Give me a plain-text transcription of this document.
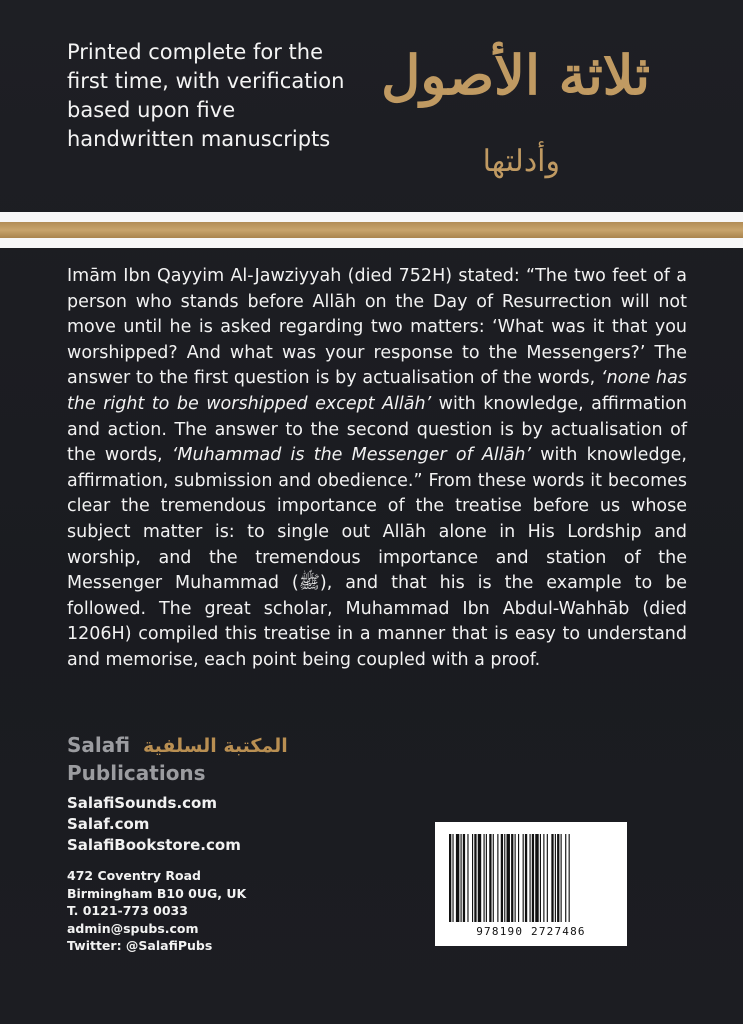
Printed complete for the first time, with verification based upon five handwritten manuscripts
ثلاثة الأصول
وأدلتها
Imām Ibn Qayyim Al-Jawziyyah (died 752H) stated: “The two feet of a person who stands before Allāh on the Day of Resurrection will not move until he is asked regarding two matters: ‘What was it that you worshipped? And what was your response to the Messengers?’ The answer to the first question is by actualisation of the words, ‘none has the right to be worshipped except Allāh’ with knowledge, affirmation and action. The answer to the second question is by actualisation of the words, ‘Muhammad is the Messenger of Allāh’ with knowledge, affirmation, submission and obedience.” From these words it becomes clear the tremendous importance of the treatise before us whose subject matter is: to single out Allāh alone in His Lordship and worship, and the tremendous importance and station of the Messenger Muhammad (ﷺ), and that his is the example to be followed. The great scholar, Muhammad Ibn Abdul-Wahhāb (died 1206H) compiled this treatise in a manner that is easy to understand and memorise, each point being coupled with a proof.
Salafi المكتبة السلفية
Publications
SalafiSounds.com
Salaf.com
SalafiBookstore.com
472 Coventry Road
Birmingham B10 0UG, UK
T. 0121-773 0033
admin@spubs.com
Twitter: @SalafiPubs
978190 2727486
